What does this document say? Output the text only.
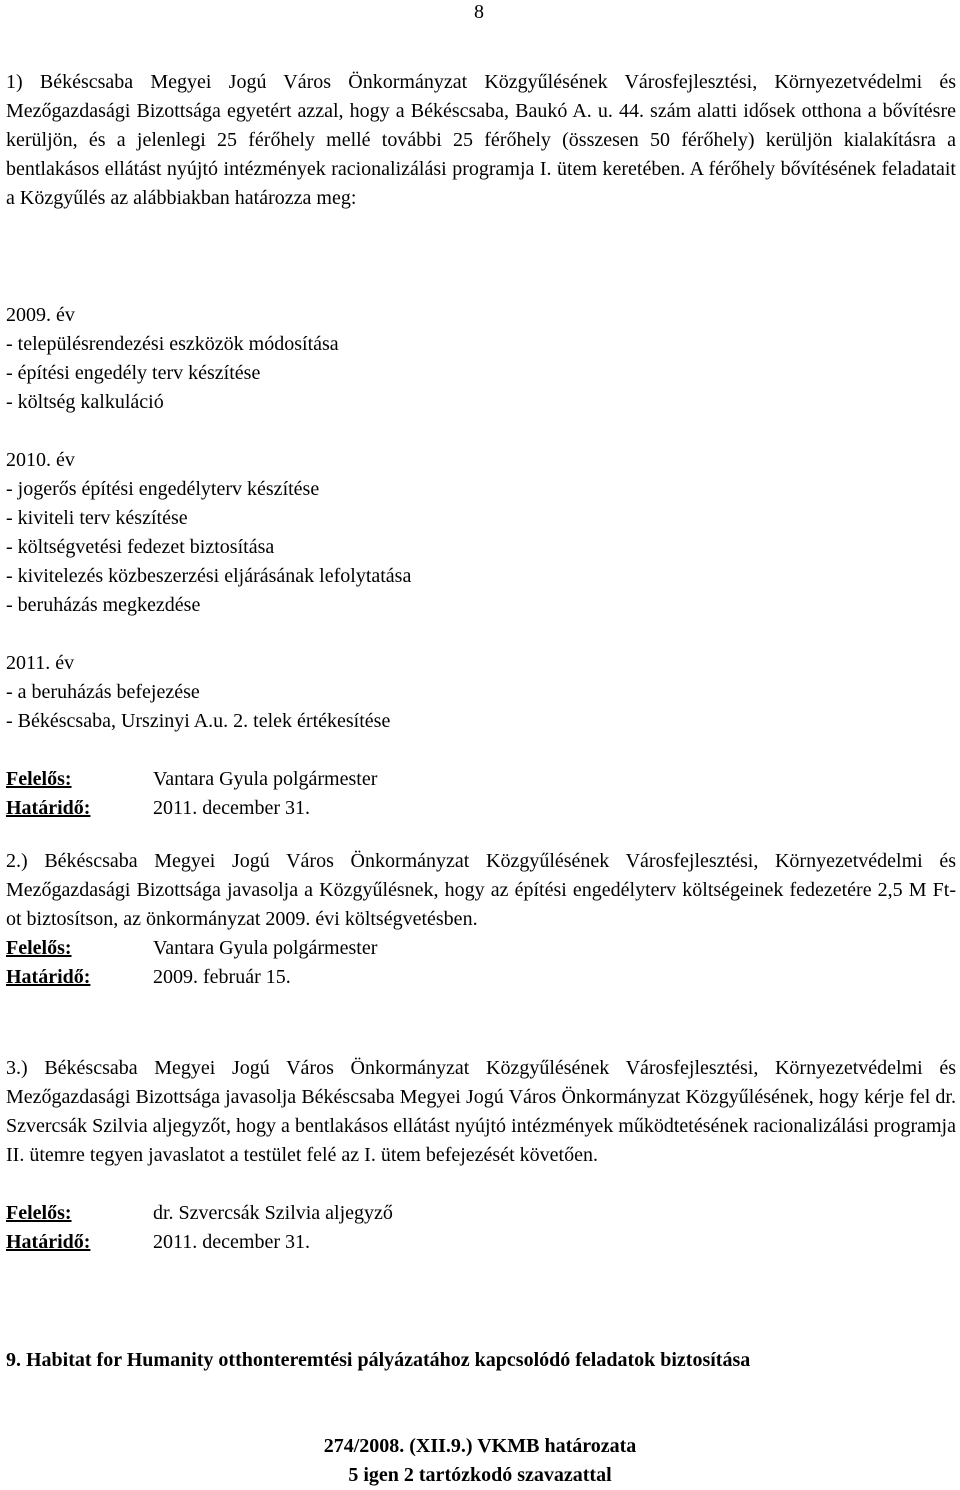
8
1) Békéscsaba Megyei Jogú Város Önkormányzat Közgyűlésének Városfejlesztési, Környezetvédelmi és Mezőgazdasági Bizottsága egyetért azzal, hogy a Békéscsaba, Baukó A. u. 44. szám alatti idősek otthona a bővítésre kerüljön, és a jelenlegi 25 férőhely mellé további 25 férőhely (összesen 50 férőhely) kerüljön kialakításra a bentlakásos ellátást nyújtó intézmények racionalizálási programja I. ütem keretében. A férőhely bővítésének feladatait a Közgyűlés az alábbiakban határozza meg:
2009. év
- településrendezési eszközök módosítása
- építési engedély terv készítése
- költség kalkuláció
2010. év
- jogerős építési engedélyterv készítése
- kiviteli terv készítése
- költségvetési fedezet biztosítása
- kivitelezés közbeszerzési eljárásának lefolytatása
- beruházás megkezdése
2011. év
- a beruházás befejezése
- Békéscsaba, Urszinyi A.u. 2. telek értékesítése
Felelős:	Vantara Gyula polgármester
Határidő:	2011. december 31.
2.) Békéscsaba Megyei Jogú Város Önkormányzat Közgyűlésének Városfejlesztési, Környezetvédelmi és Mezőgazdasági Bizottsága javasolja a Közgyűlésnek, hogy az építési engedélyterv költségeinek fedezetére 2,5 M Ft-ot biztosítson, az önkormányzat 2009. évi költségvetésben.
Felelős:	Vantara Gyula polgármester
Határidő:	2009. február 15.
3.) Békéscsaba Megyei Jogú Város Önkormányzat Közgyűlésének Városfejlesztési, Környezetvédelmi és Mezőgazdasági Bizottsága javasolja Békéscsaba Megyei Jogú Város Önkormányzat Közgyűlésének, hogy kérje fel dr. Szvercsák Szilvia aljegyzőt, hogy a bentlakásos ellátást nyújtó intézmények működtetésének racionalizálási programja II. ütemre tegyen javaslatot a testület felé az I. ütem befejezését követően.
Felelős:	dr. Szvercsák Szilvia aljegyző
Határidő:	2011. december 31.
9. Habitat for Humanity otthonteremtési pályázatához kapcsolódó feladatok biztosítása
274/2008. (XII.9.) VKMB határozata
5 igen 2 tartózkodó szavazattal
